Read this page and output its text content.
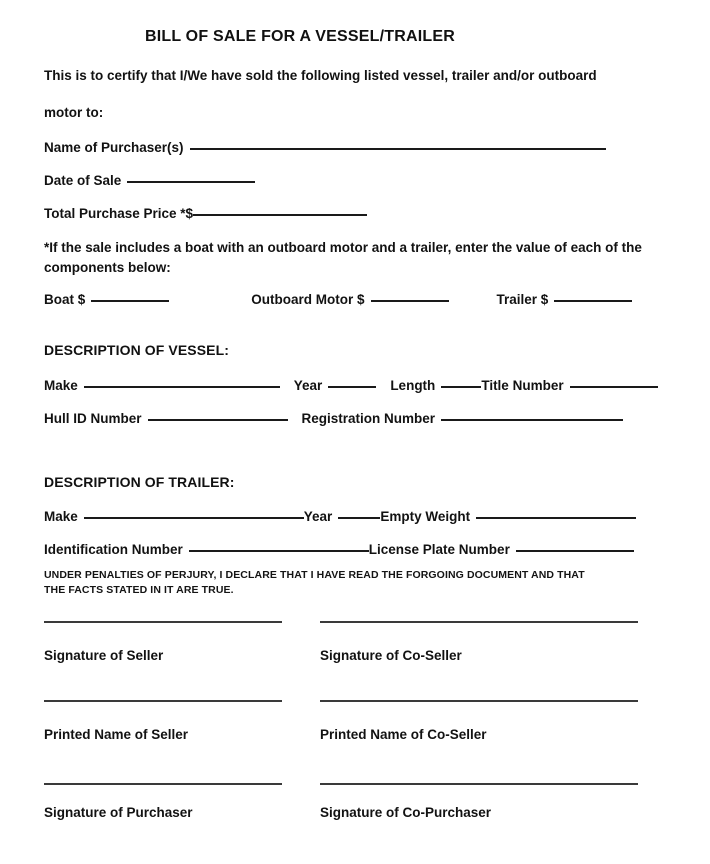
BILL OF SALE FOR A VESSEL/TRAILER
This is to certify that I/We have sold the following listed vessel, trailer and/or outboard
motor to:
Name of Purchaser(s)
Date of Sale
Total Purchase Price *$
*If the sale includes a boat with an outboard motor and a trailer, enter the value of each of the components below:
Boat $	Outboard Motor $	Trailer $
DESCRIPTION OF VESSEL:
Make	Year	Length	Title Number
Hull ID Number	Registration Number
DESCRIPTION OF TRAILER:
Make	Year	Empty Weight
Identification Number	License Plate Number
UNDER PENALTIES OF PERJURY, I DECLARE THAT I HAVE READ THE FORGOING DOCUMENT AND THAT THE FACTS STATED IN IT ARE TRUE.
Signature of Seller	Signature of Co-Seller
Printed Name of Seller	Printed Name of Co-Seller
Signature of Purchaser	Signature of Co-Purchaser
